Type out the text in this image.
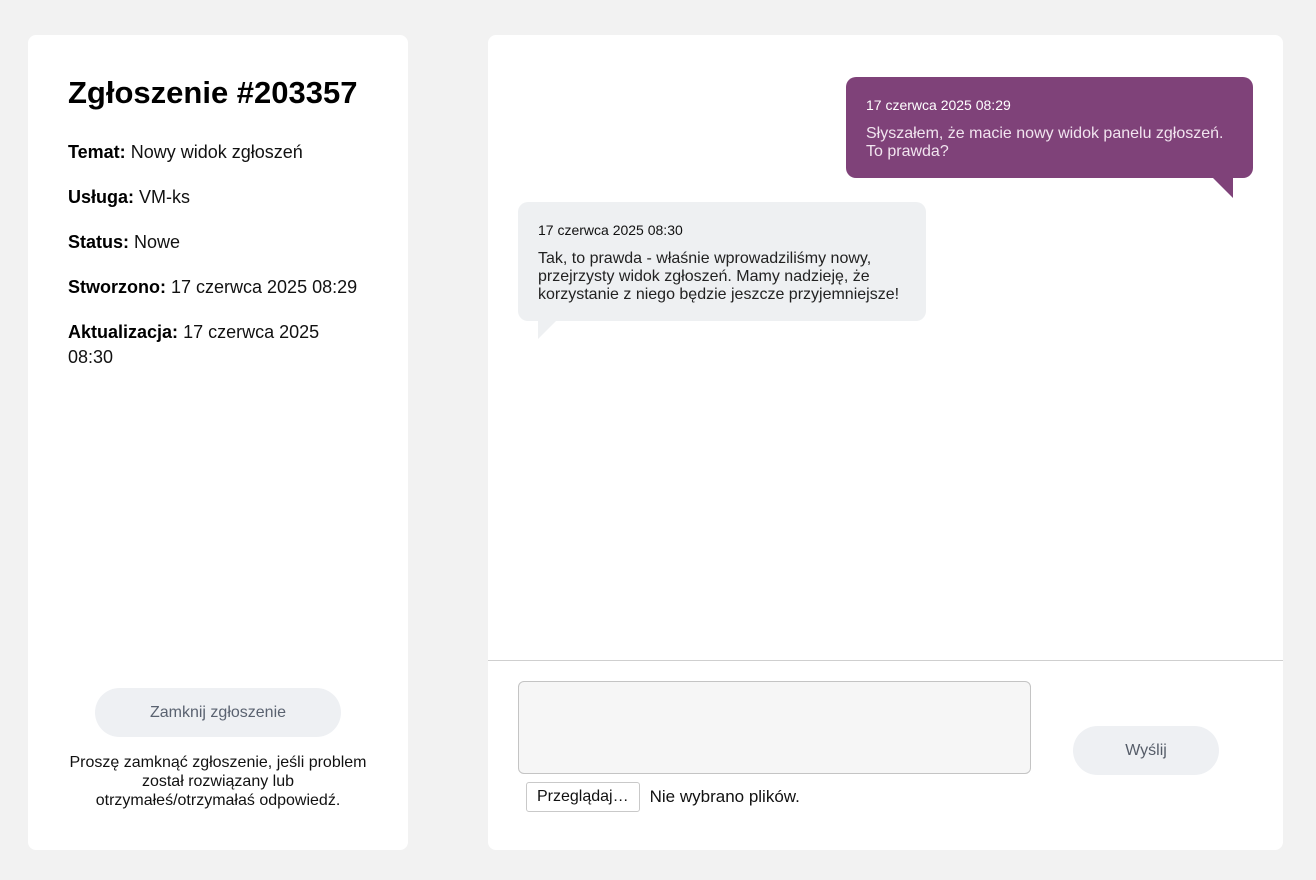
Zgłoszenie #203357
Temat: Nowy widok zgłoszeń
Usługa: VM-ks
Status: Nowe
Stworzono: 17 czerwca 2025 08:29
Aktualizacja: 17 czerwca 2025 08:30
Zamknij zgłoszenie
Proszę zamknąć zgłoszenie, jeśli problem został rozwiązany lub otrzymałeś/otrzymałaś odpowiedź.
17 czerwca 2025 08:29
Słyszałem, że macie nowy widok panelu zgłoszeń. To prawda?
17 czerwca 2025 08:30
Tak, to prawda - właśnie wprowadziliśmy nowy, przejrzysty widok zgłoszeń. Mamy nadzieję, że korzystanie z niego będzie jeszcze przyjemniejsze!
Przeglądaj…	Nie wybrano plików.
Wyślij
